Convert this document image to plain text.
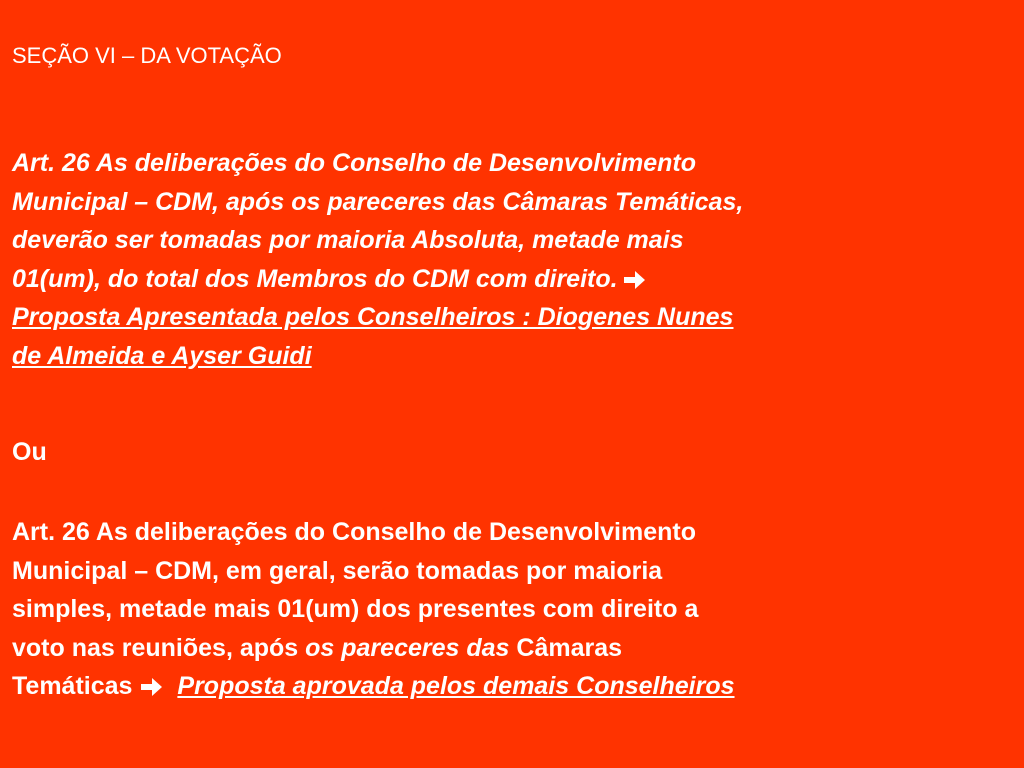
SEÇÃO VI – DA VOTAÇÃO
Art. 26 As deliberações do Conselho de Desenvolvimento
Municipal – CDM, após os pareceres das Câmaras Temáticas,
deverão ser tomadas por maioria Absoluta, metade mais
01(um), do total dos Membros do CDM com direito.
Proposta Apresentada pelos Conselheiros : Diogenes Nunes
de Almeida e Ayser Guidi
Ou
Art. 26 As deliberações do Conselho de Desenvolvimento
Municipal – CDM, em geral, serão tomadas por maioria
simples, metade mais 01(um) dos presentes com direito a
voto nas reuniões, após os pareceres das Câmaras
Temáticas
Proposta aprovada pelos demais Conselheiros
